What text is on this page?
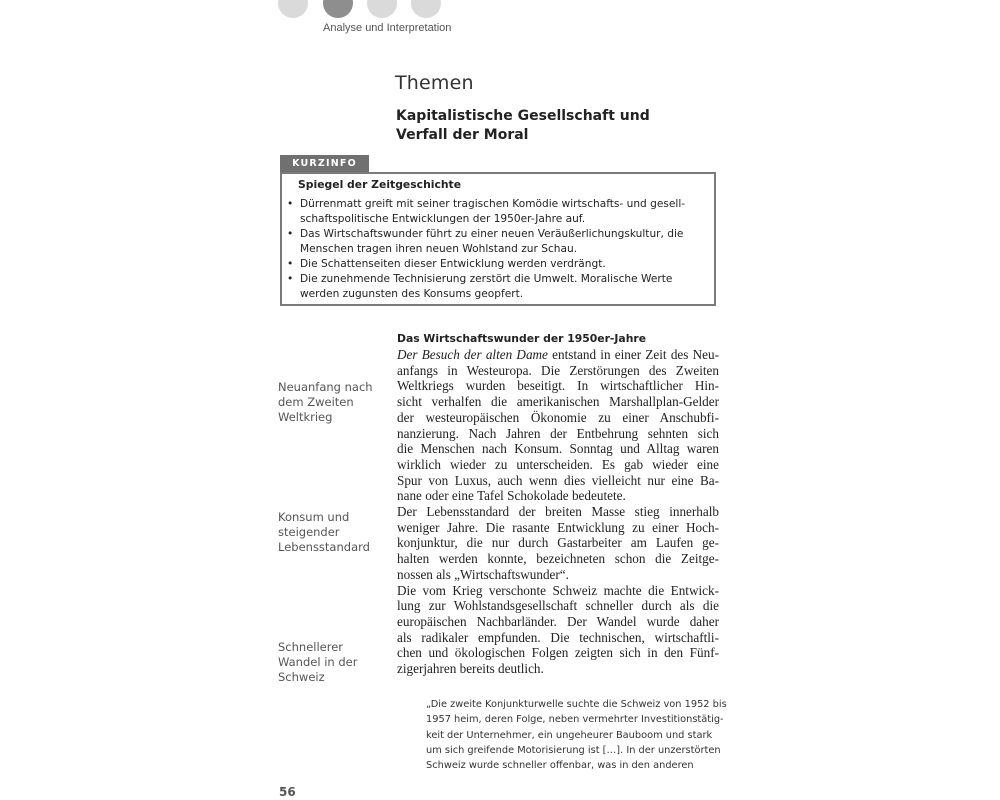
Analyse und Interpretation
Themen
Kapitalistische Gesellschaft und
Verfall der Moral
KURZINFO
Spiegel der Zeitgeschichte
• Dürrenmatt greift mit seiner tragischen Komödie wirtschafts- und gesell-
schaftspolitische Entwicklungen der 1950er-Jahre auf.
• Das Wirtschaftswunder führt zu einer neuen Veräußerlichungskultur, die
Menschen tragen ihren neuen Wohlstand zur Schau.
• Die Schattenseiten dieser Entwicklung werden verdrängt.
• Die zunehmende Technisierung zerstört die Umwelt. Moralische Werte
werden zugunsten des Konsums geopfert.
Neuanfang nach
dem Zweiten
Weltkrieg
Konsum und
steigender
Lebensstandard
Schnellerer
Wandel in der
Schweiz
Das Wirtschaftswunder der 1950er-Jahre
Der Besuch der alten Dame entstand in einer Zeit des Neu-
anfangs in Westeuropa. Die Zerstörungen des Zweiten
Weltkriegs wurden beseitigt. In wirtschaftlicher Hin-
sicht verhalfen die amerikanischen Marshallplan-Gelder
der westeuropäischen Ökonomie zu einer Anschubfi-
nanzierung. Nach Jahren der Entbehrung sehnten sich
die Menschen nach Konsum. Sonntag und Alltag waren
wirklich wieder zu unterscheiden. Es gab wieder eine
Spur von Luxus, auch wenn dies vielleicht nur eine Ba-
nane oder eine Tafel Schokolade bedeutete.
Der Lebensstandard der breiten Masse stieg innerhalb
weniger Jahre. Die rasante Entwicklung zu einer Hoch-
konjunktur, die nur durch Gastarbeiter am Laufen ge-
halten werden konnte, bezeichneten schon die Zeitge-
nossen als „Wirtschaftswunder“.
Die vom Krieg verschonte Schweiz machte die Entwick-
lung zur Wohlstandsgesellschaft schneller durch als die
europäischen Nachbarländer. Der Wandel wurde daher
als radikaler empfunden. Die technischen, wirtschaftli-
chen und ökologischen Folgen zeigten sich in den Fünf-
zigerjahren bereits deutlich.
„Die zweite Konjunkturwelle suchte die Schweiz von 1952 bis
1957 heim, deren Folge, neben vermehrter Investitionstätig-
keit der Unternehmer, ein ungeheurer Bauboom und stark
um sich greifende Motorisierung ist […]. In der unzerstörten
Schweiz wurde schneller offenbar, was in den anderen
56
